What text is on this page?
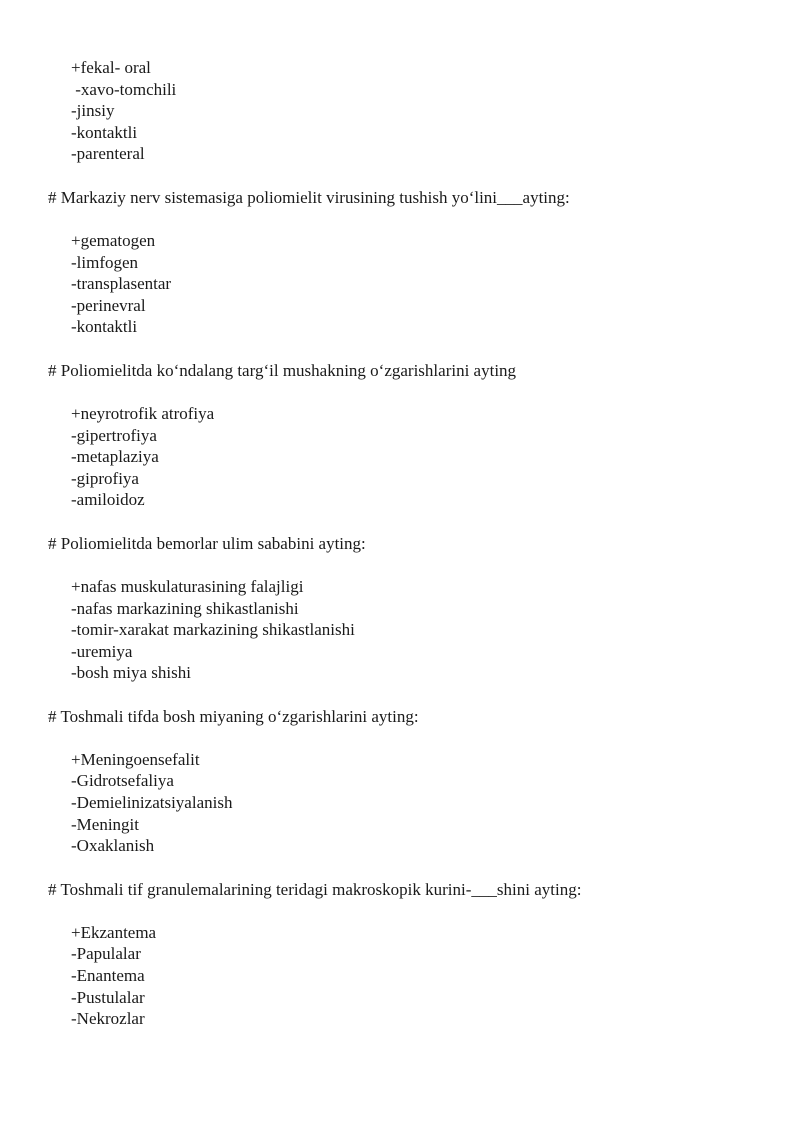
+fekal- oral
-xavo-tomchili
-jinsiy
-kontaktli
-parenteral
# Markaziy nerv sistemasiga poliomielit virusining tushish yo‘lini___ayting:
+gematogen
-limfogen
-transplasentar
-perinevral
-kontaktli
# Poliomielitda ko‘ndalang targ‘il mushakning o‘zgarishlarini ayting
+neyrotrofik atrofiya
-gipertrofiya
-metaplaziya
-giprofiya
-amiloidoz
# Poliomielitda bemorlar ulim sababini ayting:
+nafas muskulaturasining falajligi
-nafas markazining shikastlanishi
-tomir-xarakat markazining shikastlanishi
-uremiya
-bosh miya shishi
# Toshmali tifda bosh miyaning o‘zgarishlarini ayting:
+Meningoensefalit
-Gidrotsefaliya
-Demielinizatsiyalanish
-Meningit
-Oxaklanish
# Toshmali tif granulemalarining teridagi makroskopik kurini-___shini ayting:
+Ekzantema
-Papulalar
-Enantema
-Pustulalar
-Nekrozlar
